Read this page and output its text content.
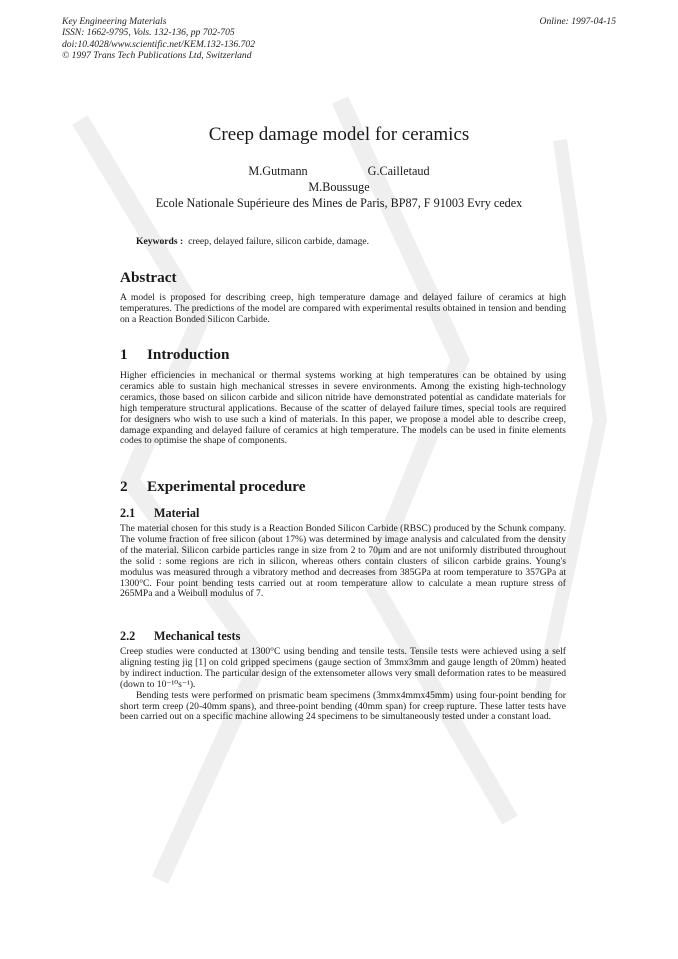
Key Engineering Materials
ISSN: 1662-9795, Vols. 132-136, pp 702-705
doi:10.4028/www.scientific.net/KEM.132-136.702
© 1997 Trans Tech Publications Ltd, Switzerland
Online: 1997-04-15
Creep damage model for ceramics
M.Gutmann	G.Cailletaud
M.Boussuge
Ecole Nationale Supérieure des Mines de Paris, BP87, F 91003 Evry cedex
Keywords : creep, delayed failure, silicon carbide, damage.
Abstract

A model is proposed for describing creep, high temperature damage and delayed failure of ceramics at high temperatures. The predictions of the model are compared with experimental results obtained in tension and bending on a Reaction Bonded Silicon Carbide.

1 Introduction

Higher efficiencies in mechanical or thermal systems working at high temperatures can be obtained by using ceramics able to sustain high mechanical stresses in severe environments. Among the existing high-technology ceramics, those based on silicon carbide and silicon nitride have demonstrated potential as candidate materials for high temperature structural applications. Because of the scatter of delayed failure times, special tools are required for designers who wish to use such a kind of materials. In this paper, we propose a model able to describe creep, damage expanding and delayed failure of ceramics at high temperature. The models can be used in finite elements codes to optimise the shape of components.

2 Experimental procedure
2.1 Material

The material chosen for this study is a Reaction Bonded Silicon Carbide (RBSC) produced by the Schunk company. The volume fraction of free silicon (about 17%) was determined by image analysis and calculated from the density of the material. Silicon carbide particles range in size from 2 to 70μm and are not uniformly distributed throughout the solid : some regions are rich in silicon, whereas others contain clusters of silicon carbide grains. Young's modulus was measured through a vibratory method and decreases from 385GPa at room temperature to 357GPa at 1300°C. Four point bending tests carried out at room temperature allow to calculate a mean rupture stress of 265MPa and a Weibull modulus of 7.

2.2 Mechanical tests

Creep studies were conducted at 1300°C using bending and tensile tests. Tensile tests were achieved using a self aligning testing jig [1] on cold gripped specimens (gauge section of 3mmx3mm and gauge length of 20mm) heated by indirect induction. The particular design of the extensometer allows very small deformation rates to be measured (down to 10⁻¹⁰s⁻¹).

Bending tests were performed on prismatic beam specimens (3mmx4mmx45mm) using four-point bending for short term creep (20-40mm spans), and three-point bending (40mm span) for creep rupture. These latter tests have been carried out on a specific machine allowing 24 specimens to be simultaneously tested under a constant load.
